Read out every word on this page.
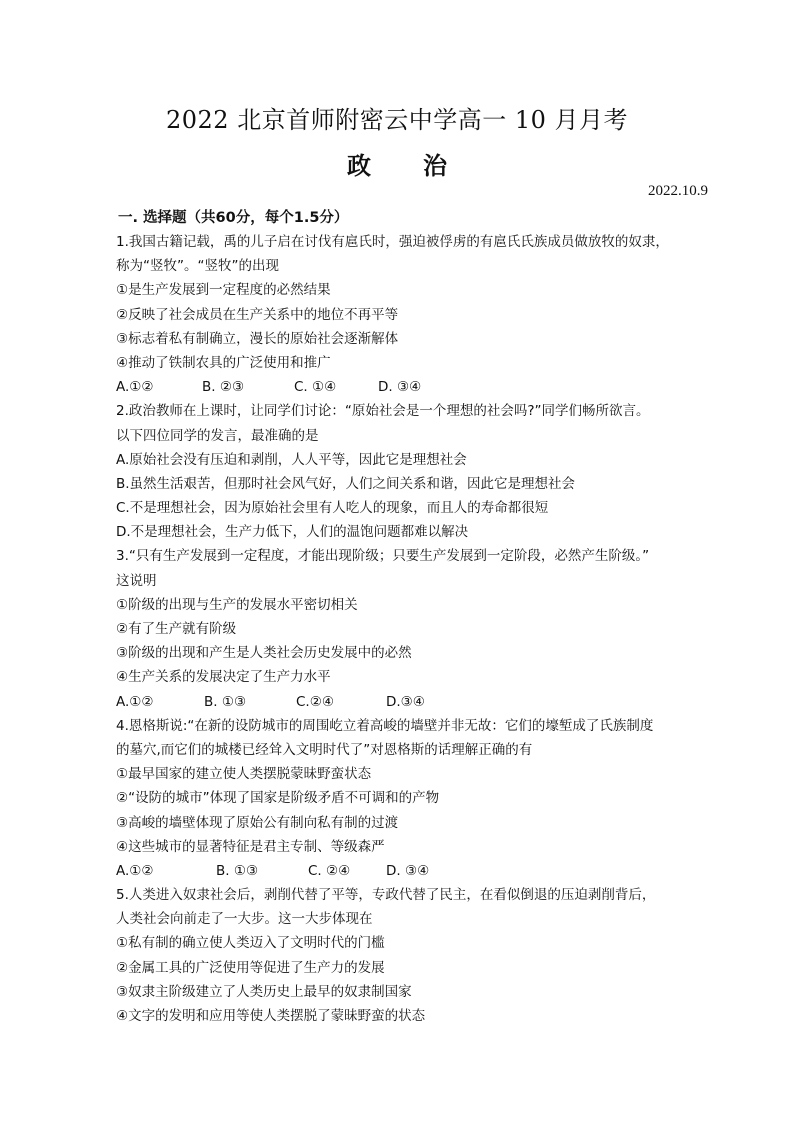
2022 北京首师附密云中学高一 10 月月考
政 治
2022.10.9
一. 选择题（共60分，每个1.5分）
1.我国古籍记载，禹的儿子启在讨伐有扈氏时，强迫被俘虏的有扈氏氏族成员做放牧的奴隶，
称为“竖牧”。“竖牧”的出现
①是生产发展到一定程度的必然结果
②反映了社会成员在生产关系中的地位不再平等
③标志着私有制确立，漫长的原始社会逐渐解体
④推动了铁制农具的广泛使用和推广
A.①②	B. ②③	C. ①④	D. ③④
2.政治教师在上课时，让同学们讨论：“原始社会是一个理想的社会吗?”同学们畅所欲言。
以下四位同学的发言，最准确的是
A.原始社会没有压迫和剥削，人人平等，因此它是理想社会
B.虽然生活艰苦，但那时社会风气好，人们之间关系和谐，因此它是理想社会
C.不是理想社会，因为原始社会里有人吃人的现象，而且人的寿命都很短
D.不是理想社会，生产力低下，人们的温饱问题都难以解决
3.“只有生产发展到一定程度，才能出现阶级；只要生产发展到一定阶段，必然产生阶级。”
这说明
①阶级的出现与生产的发展水平密切相关
②有了生产就有阶级
③阶级的出现和产生是人类社会历史发展中的必然
④生产关系的发展决定了生产力水平
A.①②	B. ①③	C.②④	D.③④
4.恩格斯说:“在新的设防城市的周围屹立着高峻的墙壁并非无故：它们的壕堑成了氏族制度
的墓穴,而它们的城楼已经耸入文明时代了”对恩格斯的话理解正确的有
①最早国家的建立使人类摆脱蒙昧野蛮状态
②“设防的城市”体现了国家是阶级矛盾不可调和的产物
③高峻的墙壁体现了原始公有制向私有制的过渡
④这些城市的显著特征是君主专制、等级森严
A.①②	B. ①③	C. ②④	D. ③④
5.人类进入奴隶社会后，剥削代替了平等，专政代替了民主，在看似倒退的压迫剥削背后，
人类社会向前走了一大步。这一大步体现在
①私有制的确立使人类迈入了文明时代的门槛
②金属工具的广泛使用等促进了生产力的发展
③奴隶主阶级建立了人类历史上最早的奴隶制国家
④文字的发明和应用等使人类摆脱了蒙昧野蛮的状态
